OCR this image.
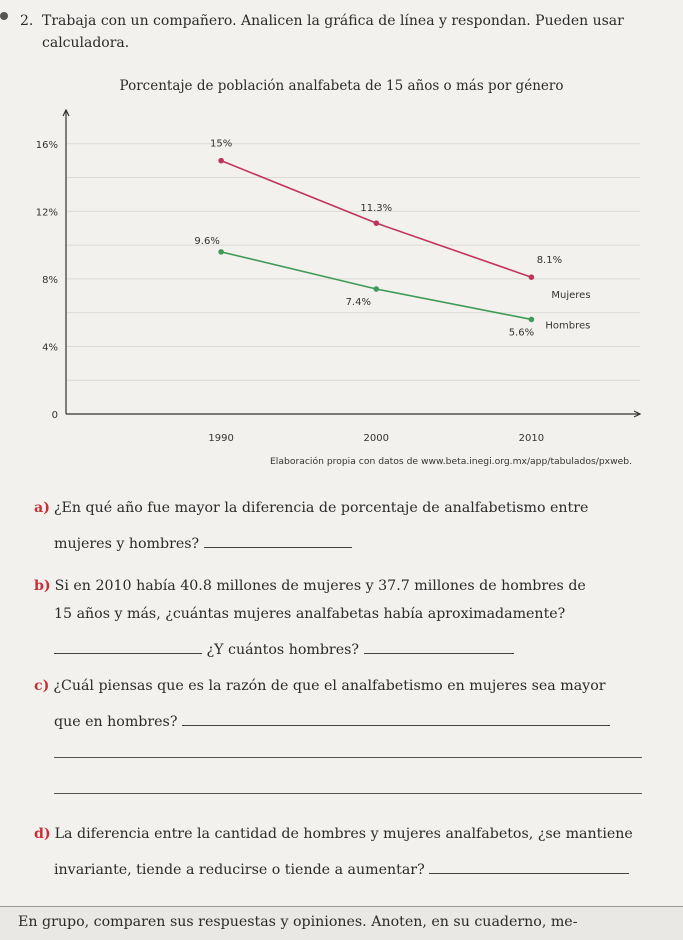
2. Trabaja con un compañero. Analicen la gráfica de línea y respondan. Pueden usar
calculadora.
Porcentaje de población analfabeta de 15 años o más por género
0
4%
8%
12%
16%
1990	2000	2010
15%
11.3%
8.1%
Mujeres
9.6%
7.4%
5.6%
Hombres
Elaboración propia con datos de www.beta.inegi.org.mx/app/tabulados/pxweb.
a) ¿En qué año fue mayor la diferencia de porcentaje de analfabetismo entre
mujeres y hombres?
b) Si en 2010 había 40.8 millones de mujeres y 37.7 millones de hombres de
15 años y más, ¿cuántas mujeres analfabetas había aproximadamente?
¿Y cuántos hombres?
c) ¿Cuál piensas que es la razón de que el analfabetismo en mujeres sea mayor
que en hombres?
d) La diferencia entre la cantidad de hombres y mujeres analfabetos, ¿se mantiene
invariante, tiende a reducirse o tiende a aumentar?
En grupo, comparen sus respuestas y opiniones. Anoten, en su cuaderno, me-
